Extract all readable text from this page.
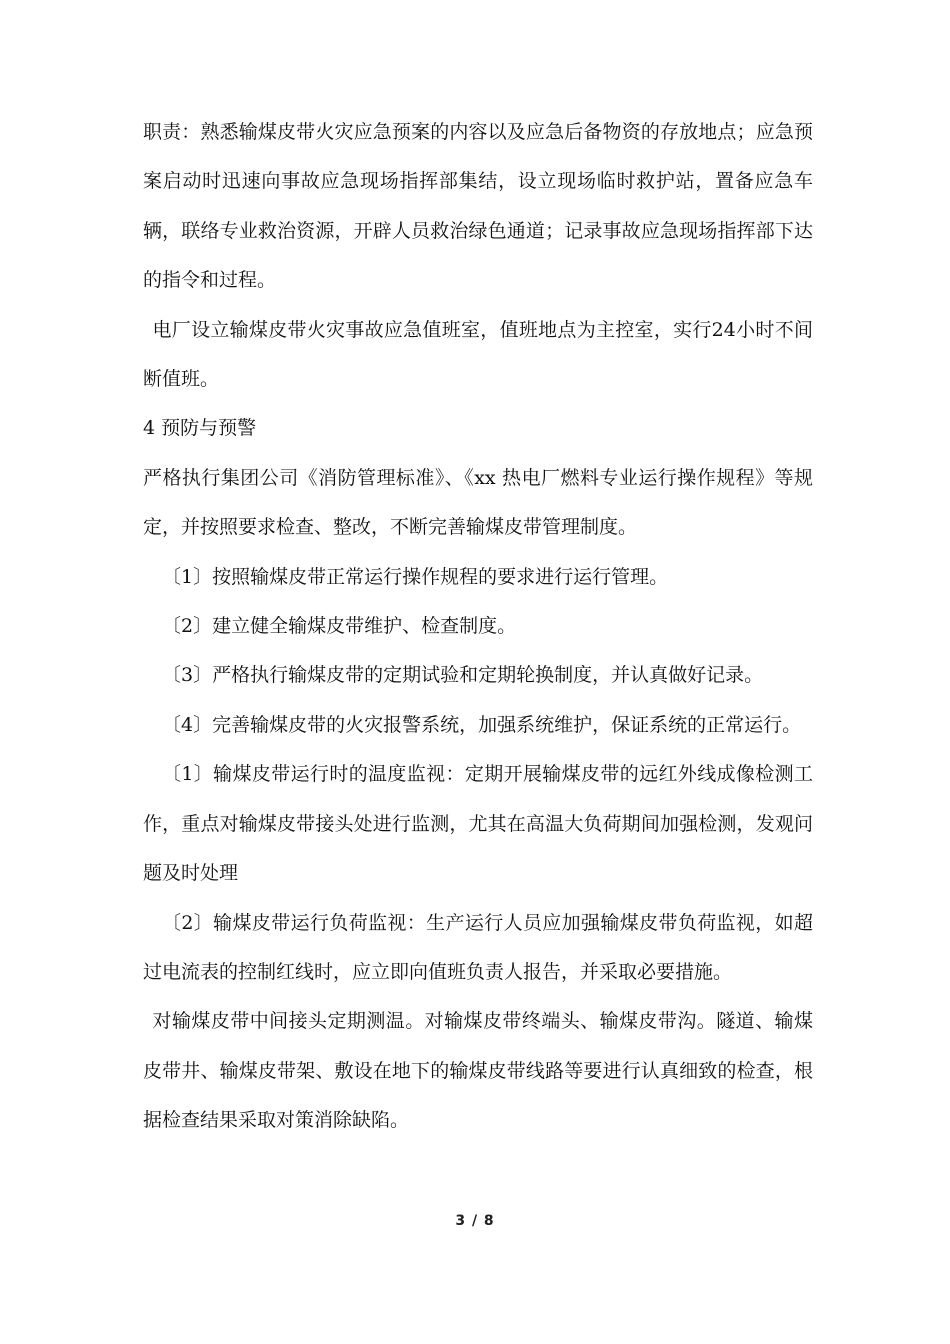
职责：熟悉输煤皮带火灾应急预案的内容以及应急后备物资的存放地点；应急预案启动时迅速向事故应急现场指挥部集结，设立现场临时救护站，置备应急车辆，联络专业救治资源，开辟人员救治绿色通道；记录事故应急现场指挥部下达的指令和过程。

电厂设立输煤皮带火灾事故应急值班室，值班地点为主控室，实行24小时不间断值班。

4 预防与预警

严格执行集团公司《消防管理标准》、《xx 热电厂燃料专业运行操作规程》等规定，并按照要求检查、整改，不断完善输煤皮带管理制度。

〔1〕按照输煤皮带正常运行操作规程的要求进行运行管理。

〔2〕建立健全输煤皮带维护、检查制度。

〔3〕严格执行输煤皮带的定期试验和定期轮换制度，并认真做好记录。

〔4〕完善输煤皮带的火灾报警系统，加强系统维护，保证系统的正常运行。

〔1〕输煤皮带运行时的温度监视：定期开展输煤皮带的远红外线成像检测工作，重点对输煤皮带接头处进行监测，尤其在高温大负荷期间加强检测，发观问题及时处理

〔2〕输煤皮带运行负荷监视：生产运行人员应加强输煤皮带负荷监视，如超过电流表的控制红线时，应立即向值班负责人报告，并采取必要措施。

对输煤皮带中间接头定期测温。对输煤皮带终端头、输煤皮带沟。隧道、输煤皮带井、输煤皮带架、敷设在地下的输煤皮带线路等要进行认真细致的检查，根据检查结果采取对策消除缺陷。

3 / 8
